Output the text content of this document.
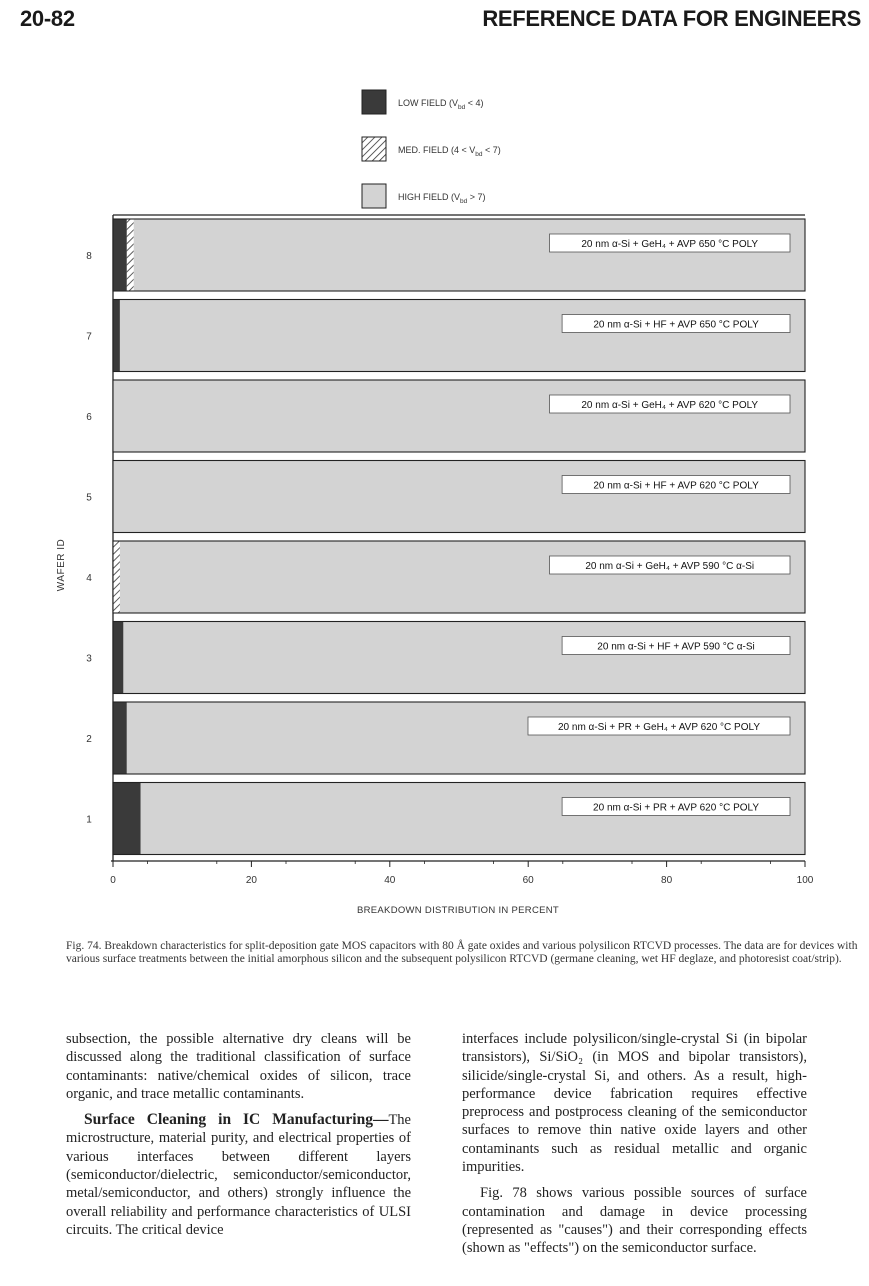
20-82	REFERENCE DATA FOR ENGINEERS
LOW FIELD $(V_{bd} < 4)$
MED. FIELD $(4 < V_{bd} < 7)$
HIGH FIELD $(V_{bd} > 7)$
8
20 nm α-Si + GeH₄ + AVP 650 °C POLY
7
20 nm α-Si + HF + AVP 650 °C POLY
6
20 nm α-Si + GeH₄ + AVP 620 °C POLY
5
20 nm α-Si + HF + AVP 620 °C POLY
4
20 nm α-Si + GeH₄ + AVP 590 °C α-Si
3
20 nm α-Si + HF + AVP 590 °C α-Si
2
20 nm α-Si + PR + GeH₄ + AVP 620 °C POLY
1
20 nm α-Si + PR + AVP 620 °C POLY
0	20	40	60	80	100
WAFER ID
BREAKDOWN DISTRIBUTION IN PERCENT

Fig. 74. Breakdown characteristics for split-deposition gate MOS capacitors with 80 Å gate oxides and various polysilicon RTCVD processes. The data are for devices with various surface treatments between the initial amorphous silicon and the subsequent polysilicon RTCVD (germane cleaning, wet HF deglaze, and photoresist coat/strip).

subsection, the possible alternative dry cleans will be discussed along the traditional classification of surface contaminants: native/chemical oxides of silicon, trace organic, and trace metallic contaminants.

Surface Cleaning in IC Manufacturing—The microstructure, material purity, and electrical properties of various interfaces between different layers (semiconductor/dielectric, semiconductor/semiconductor, metal/semiconductor, and others) strongly influence the overall reliability and performance characteristics of ULSI circuits. The critical device

interfaces include polysilicon/single-crystal Si (in bipolar transistors), Si/SiO₂ (in MOS and bipolar transistors), silicide/single-crystal Si, and others. As a result, high-performance device fabrication requires effective preprocess and postprocess cleaning of the semiconductor surfaces to remove thin native oxide layers and other contaminants such as residual metallic and organic impurities.

Fig. 78 shows various possible sources of surface contamination and damage in device processing (represented as "causes") and their corresponding effects (shown as "effects") on the semiconductor surface.
